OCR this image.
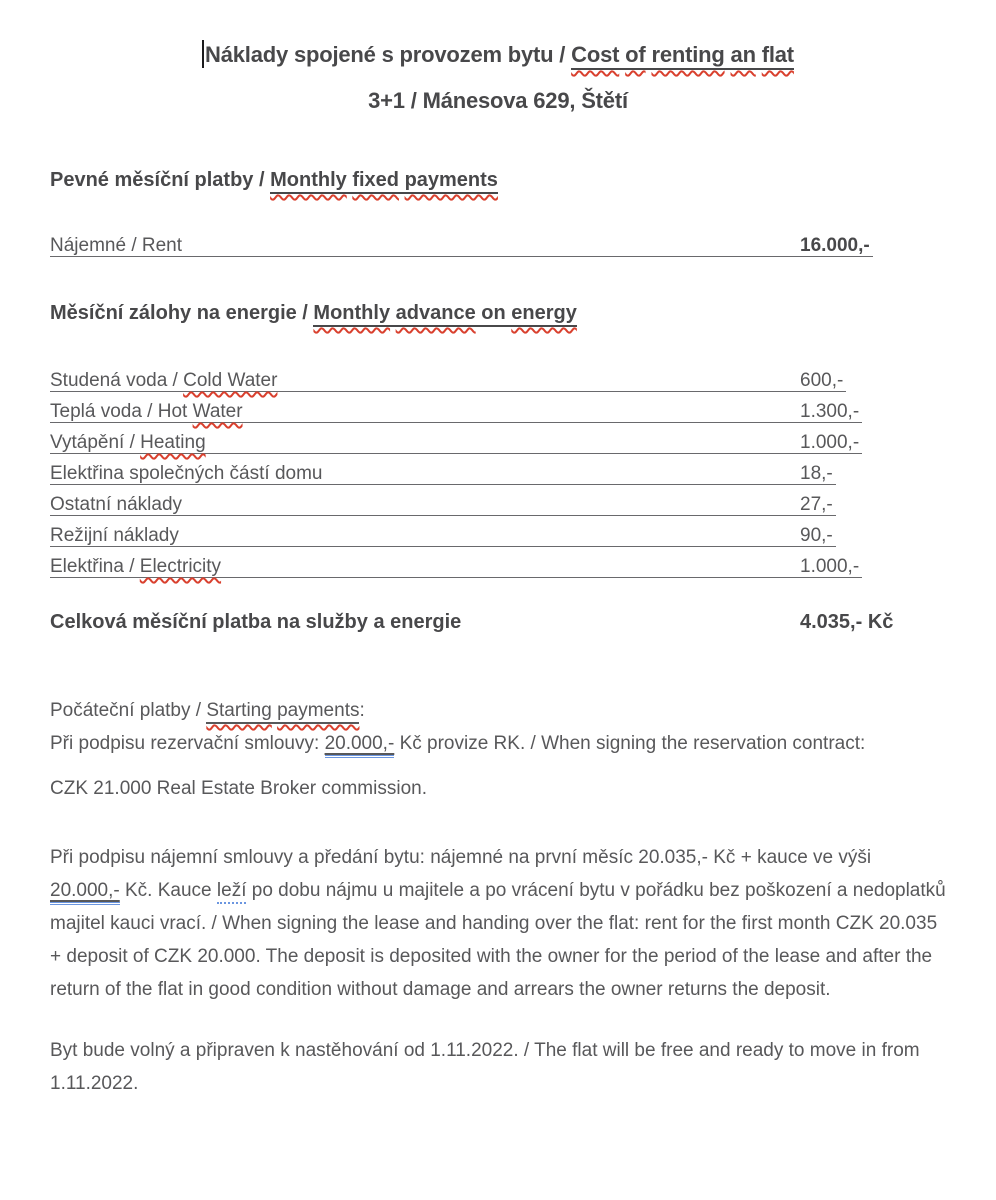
Náklady spojené s provozem bytu / Cost of renting an flat
3+1 / Mánesova 629, Štětí
Pevné měsíční platby / Monthly fixed payments
Nájemné / Rent	16.000,-
Měsíční zálohy na energie / Monthly advance on energy
Studená voda / Cold Water	600,-
Teplá voda / Hot Water	1.300,-
Vytápění / Heating	1.000,-
Elektřina společných částí domu	18,-
Ostatní náklady	27,-
Režijní náklady	90,-
Elektřina / Electricity	1.000,-
Celková měsíční platba na služby a energie	4.035,- Kč
Počáteční platby / Starting payments:
Při podpisu rezervační smlouvy: 20.000,- Kč provize RK. / When signing the reservation contract:
CZK 21.000 Real Estate Broker commission.
Při podpisu nájemní smlouvy a předání bytu: nájemné na první měsíc 20.035,- Kč + kauce ve výši 20.000,- Kč. Kauce leží po dobu nájmu u majitele a po vrácení bytu v pořádku bez poškození a nedoplatků majitel kauci vrací. / When signing the lease and handing over the flat: rent for the first month CZK 20.035 + deposit of CZK 20.000. The deposit is deposited with the owner for the period of the lease and after the return of the flat in good condition without damage and arrears the owner returns the deposit.
Byt bude volný a připraven k nastěhování od 1.11.2022. / The flat will be free and ready to move in from 1.11.2022.
